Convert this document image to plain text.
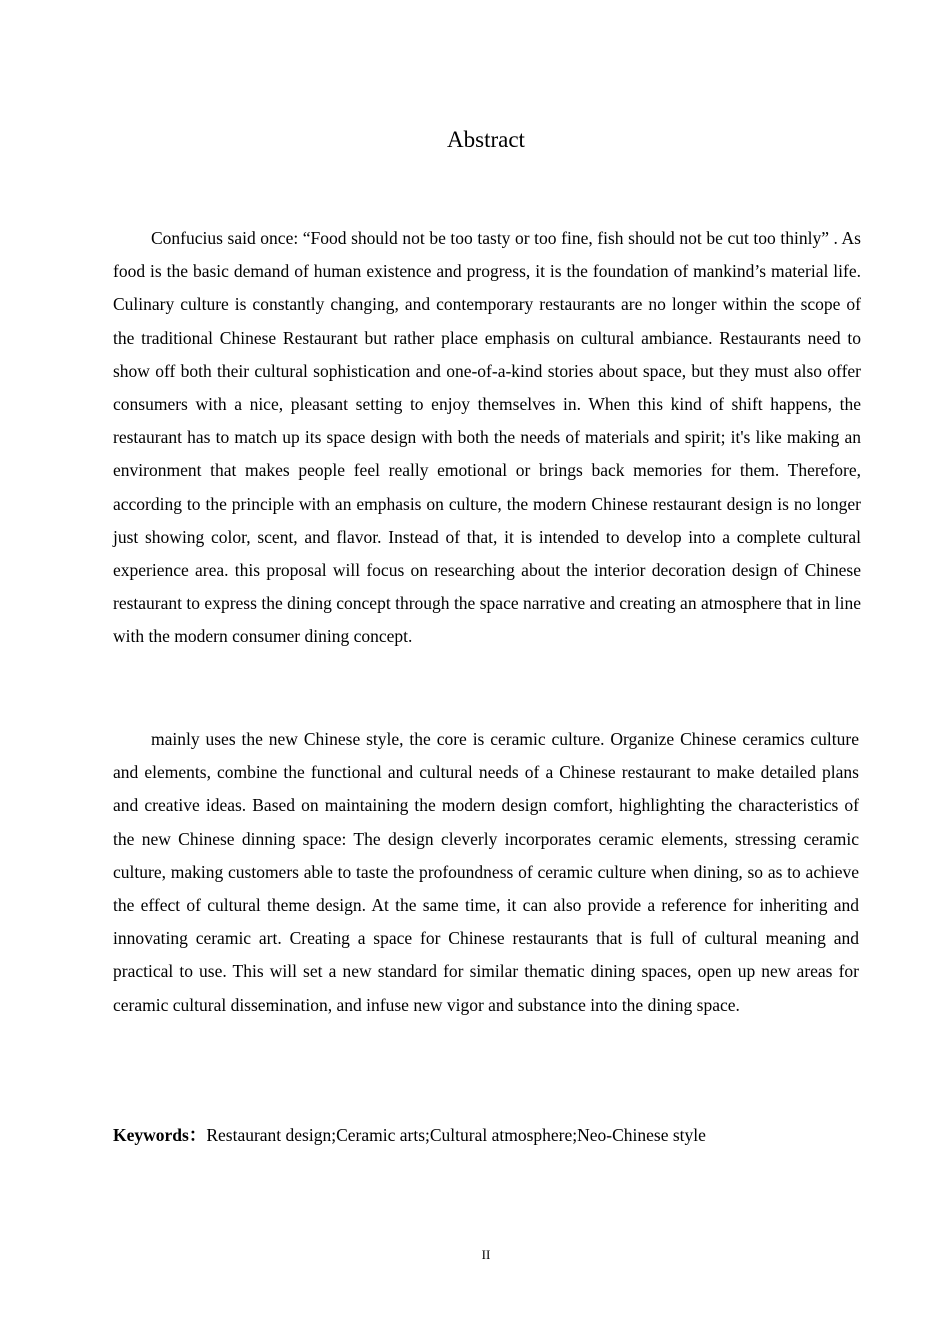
Abstract

Confucius said once: “Food should not be too tasty or too fine, fish should not be cut too thinly” . As food is the basic demand of human existence and progress, it is the foundation of mankind’s material life. Culinary culture is constantly changing, and contemporary restaurants are no longer within the scope of the traditional Chinese Restaurant but rather place emphasis on cultural ambiance. Restaurants need to show off both their cultural sophistication and one-of-a-kind stories about space, but they must also offer consumers with a nice, pleasant setting to enjoy themselves in. When this kind of shift happens, the restaurant has to match up its space design with both the needs of materials and spirit; it's like making an environment that makes people feel really emotional or brings back memories for them. Therefore, according to the principle with an emphasis on culture, the modern Chinese restaurant design is no longer just showing color, scent, and flavor. Instead of that, it is intended to develop into a complete cultural experience area. this proposal will focus on researching about the interior decoration design of Chinese restaurant to express the dining concept through the space narrative and creating an atmosphere that in line with the modern consumer dining concept.

mainly uses the new Chinese style, the core is ceramic culture. Organize Chinese ceramics culture and elements, combine the functional and cultural needs of a Chinese restaurant to make detailed plans and creative ideas. Based on maintaining the modern design comfort, highlighting the characteristics of the new Chinese dinning space: The design cleverly incorporates ceramic elements, stressing ceramic culture, making customers able to taste the profoundness of ceramic culture when dining, so as to achieve the effect of cultural theme design. At the same time, it can also provide a reference for inheriting and innovating ceramic art. Creating a space for Chinese restaurants that is full of cultural meaning and practical to use. This will set a new standard for similar thematic dining spaces, open up new areas for ceramic cultural dissemination, and infuse new vigor and substance into the dining space.

Keywords：Restaurant design;Ceramic arts;Cultural atmosphere;Neo-Chinese style
II
